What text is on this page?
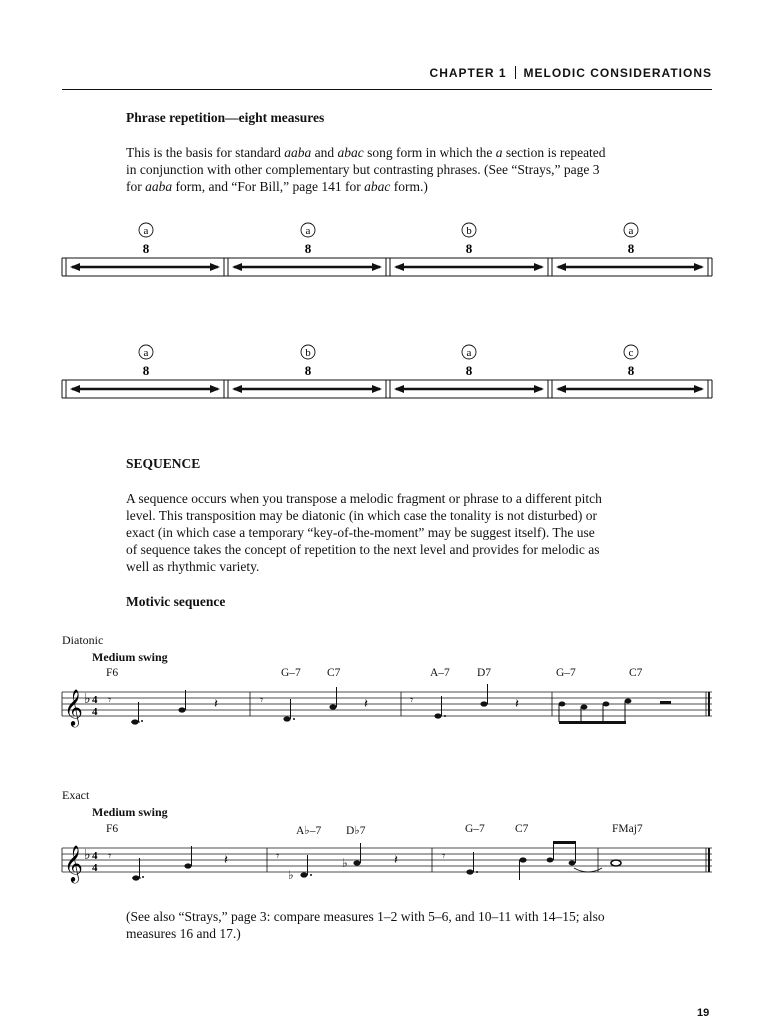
CHAPTER 1 MELODIC CONSIDERATIONS
Phrase repetition—eight measures
This is the basis for standard aaba and abac song form in which the a section is repeated
in conjunction with other complementary but contrasting phrases. (See “Strays,” page 3
for aaba form, and “For Bill,” page 141 for abac form.)
a
8
a
8
b
8
a
8
a
8
b
8
a
8
c
8
SEQUENCE
A sequence occurs when you transpose a melodic fragment or phrase to a different pitch
level. This transposition may be diatonic (in which case the tonality is not disturbed) or
exact (in which case a temporary “key-of-the-moment” may be suggest itself). The use
of sequence takes the concept of repetition to the next level and provides for melodic as
well as rhythmic variety.
Motivic sequence
Diatonic
Medium swing
F6	G–7 C7	A–7 D7	G–7	C7
𝄞 ♭ 4
4
𝄾	𝄽	𝄾	𝄽	𝄾	𝄽
Exact
Medium swing
F6	A♭–7 D♭7	G–7	C7	FMaj7
𝄞 ♭ 4
4
𝄾	𝄽	𝄾
♭
♭	𝄽	𝄾
(See also “Strays,” page 3: compare measures 1–2 with 5–6, and 10–11 with 14–15; also
measures 16 and 17.)
19
